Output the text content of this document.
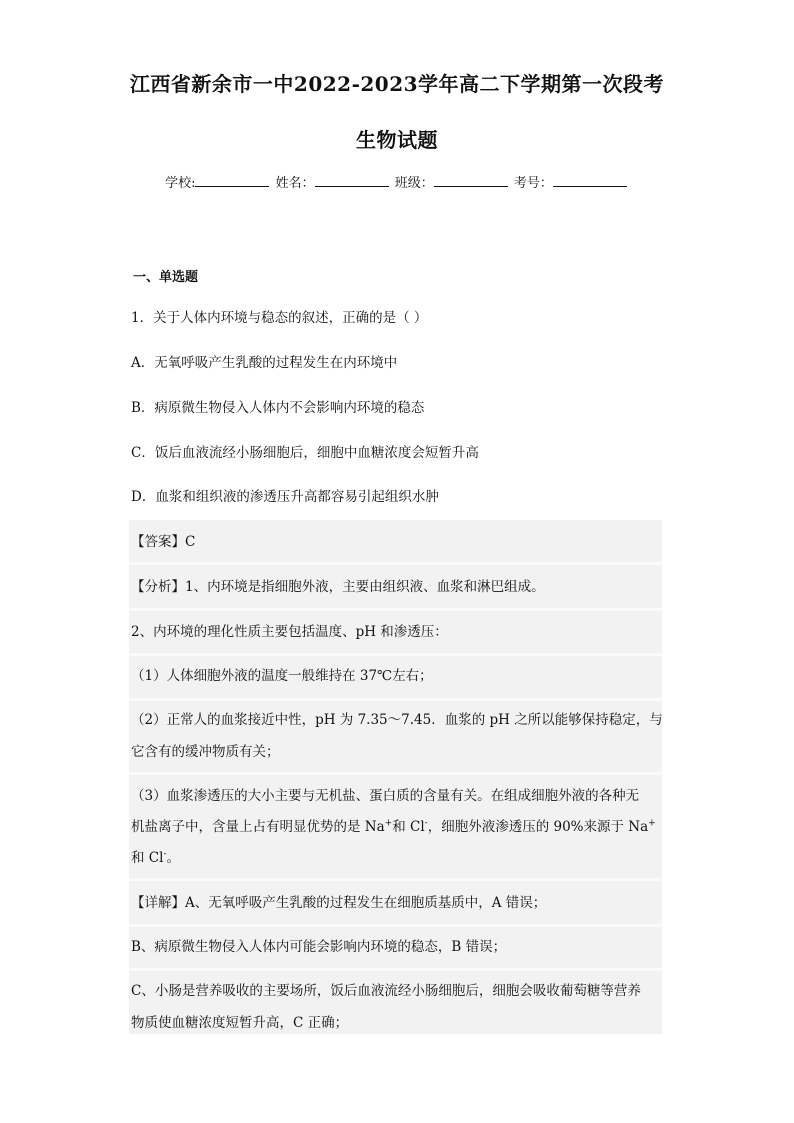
江西省新余市一中2022-2023学年高二下学期第一次段考
生物试题
学校:	姓名：	班级：	考号：
一、单选题
1．关于人体内环境与稳态的叙述，正确的是（ ）
A．无氧呼吸产生乳酸的过程发生在内环境中
B．病原微生物侵入人体内不会影响内环境的稳态
C．饭后血液流经小肠细胞后，细胞中血糖浓度会短暂升高
D．血浆和组织液的渗透压升高都容易引起组织水肿
【答案】C
【分析】1、内环境是指细胞外液，主要由组织液、血浆和淋巴组成。
2、内环境的理化性质主要包括温度、pH 和渗透压：
（1）人体细胞外液的温度一般维持在 37℃左右；
（2）正常人的血浆接近中性，pH 为 7.35～7.45．血浆的 pH 之所以能够保持稳定，与
它含有的缓冲物质有关；
（3）血浆渗透压的大小主要与无机盐、蛋白质的含量有关。在组成细胞外液的各种无
机盐离子中，含量上占有明显优势的是 Na+和 Cl-，细胞外液渗透压的 90%来源于 Na+
和 Cl-。
【详解】A、无氧呼吸产生乳酸的过程发生在细胞质基质中，A 错误；
B、病原微生物侵入人体内可能会影响内环境的稳态，B 错误；
C、小肠是营养吸收的主要场所，饭后血液流经小肠细胞后，细胞会吸收葡萄糖等营养
物质使血糖浓度短暂升高，C 正确；
